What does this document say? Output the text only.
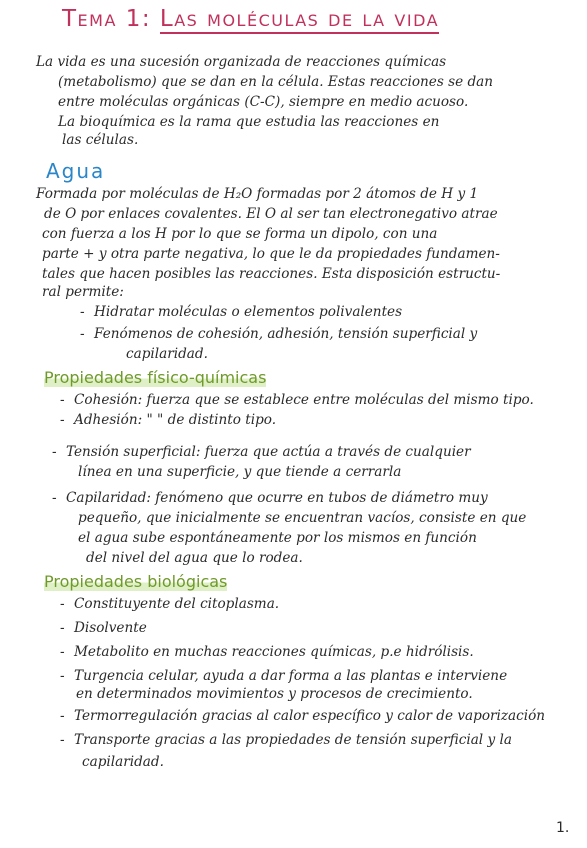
Tema 1: Las moléculas de la vida
La vida es una sucesión organizada de reacciones químicas
(metabolismo) que se dan en la célula. Estas reacciones se dan
entre moléculas orgánicas (C-C), siempre en medio acuoso.
La bioquímica es la rama que estudia las reacciones en
las células.
Agua
Formada por moléculas de H₂O formadas por 2 átomos de H y 1
de O por enlaces covalentes. El O al ser tan electronegativo atrae
con fuerza a los H por lo que se forma un dipolo, con una
parte + y otra parte negativa, lo que le da propiedades fundamen-
tales que hacen posibles las reacciones. Esta disposición estructu-
ral permite:
- Hidratar moléculas o elementos polivalentes
- Fenómenos de cohesión, adhesión, tensión superficial y
capilaridad.
Propiedades físico-químicas
- Cohesión: fuerza que se establece entre moléculas del mismo tipo.
- Adhesión: " " de distinto tipo.
- Tensión superficial: fuerza que actúa a través de cualquier
línea en una superficie, y que tiende a cerrarla
- Capilaridad: fenómeno que ocurre en tubos de diámetro muy
pequeño, que inicialmente se encuentran vacíos, consiste en que
el agua sube espontáneamente por los mismos en función
del nivel del agua que lo rodea.
Propiedades biológicas
- Constituyente del citoplasma.
- Disolvente
- Metabolito en muchas reacciones químicas, p.e hidrólisis.
- Turgencia celular, ayuda a dar forma a las plantas e interviene
en determinados movimientos y procesos de crecimiento.
- Termorregulación gracias al calor específico y calor de vaporización
- Transporte gracias a las propiedades de tensión superficial y la
capilaridad.
1.
